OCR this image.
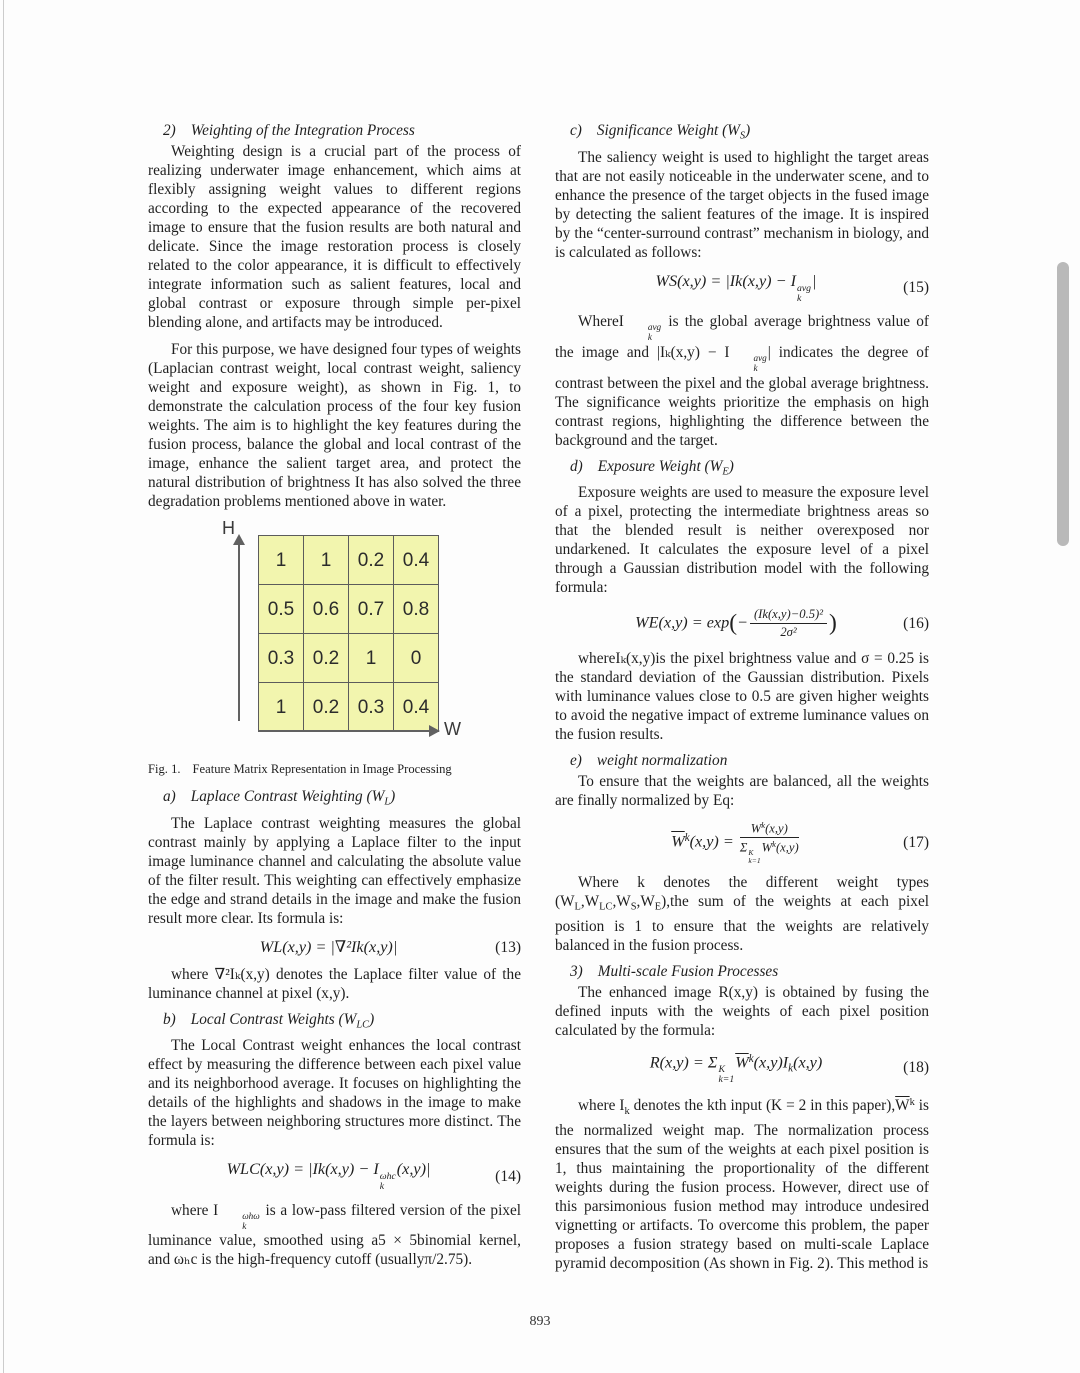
2) Weighting of the Integration Process

Weighting design is a crucial part of the process of realizing underwater image enhancement, which aims at flexibly assigning weight values to different regions according to the expected appearance of the recovered image to ensure that the fusion results are both natural and delicate. Since the image restoration process is closely related to the color appearance, it is difficult to effectively integrate information such as salient features, local and global contrast or exposure through simple per-pixel blending alone, and artifacts may be introduced.

For this purpose, we have designed four types of weights (Laplacian contrast weight, local contrast weight, saliency weight and exposure weight), as shown in Fig. 1, to demonstrate the calculation process of the four key fusion weights. The aim is to highlight the key features during the fusion process, balance the global and local contrast of the image, enhance the salient target area, and protect the natural distribution of brightness It has also solved the three degradation problems mentioned above in water.

H
1	1	0.2	0.4
0.5	0.6	0.7	0.8
0.3	0.2	1	0
1	0.2	0.3	0.4
W
Fig. 1. Feature Matrix Representation in Image Processing
a) Laplace Contrast Weighting $(W_L)$

The Laplace contrast weighting measures the global contrast mainly by applying a Laplace filter to the input image luminance channel and calculating the absolute value of the filter result. This weighting can effectively emphasize the edge and strand details in the image and make the fusion result more clear. Its formula is:

WL(x,y) = |∇²Ik(x,y)|	(13)

where ∇²Iₖ(x,y) denotes the Laplace filter value of the luminance channel at pixel (x,y).

b) Local Contrast Weights $(W_{LC})$

The Local Contrast weight enhances the local contrast effect by measuring the difference between each pixel value and its neighborhood average. It focuses on highlighting the details of the highlights and shadows in the image to make the layers between neighboring structures more distinct. The formula is:

WLC(x,y) = |Ik(x,y) − I ωhc
k
(x,y)|	(14)

where I	ωhω
k
is a low-pass filtered version of the pixel luminance value, smoothed using a5 × 5binomial kernel, and ωₕc is the high-frequency cutoff (usuallyπ/2.75).

c) Significance Weight $(W_S)$

The saliency weight is used to highlight the target areas that are not easily noticeable in the underwater scene, and to enhance the presence of the target objects in the fused image by detecting the salient features of the image. It is inspired by the “center-surround contrast” mechanism in biology, and is calculated as follows:

WS(x,y) = |Ik(x,y) − I avg
k
|	(15)

WhereI	avg
k
is the global average brightness value of the image and |Iₖ(x,y) − I	avg
k
| indicates the degree of contrast between the pixel and the global average brightness. The significance weights prioritize the emphasis on high contrast regions, highlighting the difference between the background and the target.

d) Exposure Weight $(W_E)$

Exposure weights are used to measure the exposure level of a pixel, protecting the intermediate brightness areas so that the blended result is neither overexposed nor undarkened. It calculates the exposure level of a pixel through a Gaussian distribution model with the following formula:

$WE(x,y) = \exp(- \frac{\text{(Ik(x,y)−0.5)²}}{\text{2σ²}}$ )	(16)

whereIₖ(x,y)is the pixel brightness value and σ = 0.25 is the standard deviation of the Gaussian distribution. Pixels with luminance values close to 0.5 are given higher weights to avoid the negative impact of extreme luminance values on the fusion results.

e) weight normalization

To ensure that the weights are balanced, all the weights are finally normalized by Eq:

$\overline{W}^k(x,y) = W^k(x,y)$
Σ K
k=1
$W^k(x,y)$	(17)

Where k denotes the different weight types $(W_L,W_{LC},W_S,W_E),the$ sum of the weights at each pixel position is 1 to ensure that the weights are relatively balanced in the fusion process.

3) Multi-scale Fusion Processes

The enhanced image R(x,y) is obtained by fusing the defined inputs with the weights of each pixel position calculated by the formula:

R(x,y) = Σ K
k=1
$\overline{W}^k(x,y)I_k(x,y)$	(18)

where $I_k$ denotes the kth input (K = 2 in this $paper),\overline{W}^k$ is the normalized weight map. The normalization process ensures that the sum of the weights at each pixel position is 1, thus maintaining the proportionality of the different weights during the fusion process. However, direct use of this parsimonious fusion method may introduce undesired vignetting or artifacts. To overcome this problem, the paper proposes a fusion strategy based on multi-scale Laplace pyramid decomposition (As shown in Fig. 2). This method is

893
